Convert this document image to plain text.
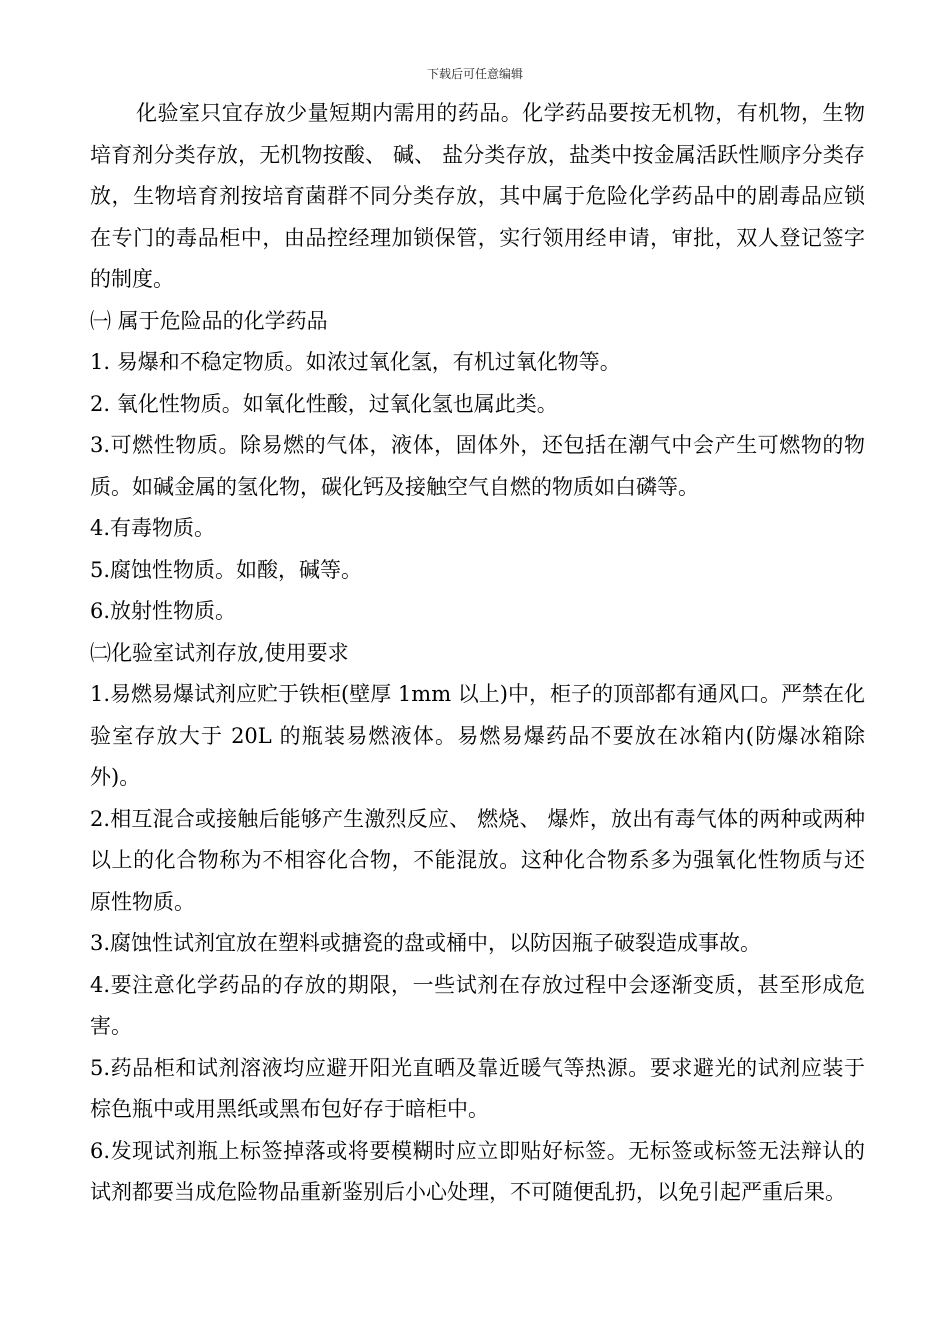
下载后可任意编辑

化验室只宜存放少量短期内需用的药品。化学药品要按无机物，有机物，生物培育剂分类存放，无机物按酸、 碱、 盐分类存放，盐类中按金属活跃性顺序分类存放，生物培育剂按培育菌群不同分类存放，其中属于危险化学药品中的剧毒品应锁在专门的毒品柜中，由品控经理加锁保管，实行领用经申请，审批，双人登记签字的制度。

㈠ 属于危险品的化学药品

1. 易爆和不稳定物质。如浓过氧化氢，有机过氧化物等。

2. 氧化性物质。如氧化性酸，过氧化氢也属此类。

3.可燃性物质。除易燃的气体，液体，固体外，还包括在潮气中会产生可燃物的物质。如碱金属的氢化物，碳化钙及接触空气自燃的物质如白磷等。

4.有毒物质。

5.腐蚀性物质。如酸，碱等。

6.放射性物质。

㈡化验室试剂存放,使用要求

1.易燃易爆试剂应贮于铁柜(壁厚 1mm 以上)中，柜子的顶部都有通风口。严禁在化验室存放大于 20L 的瓶装易燃液体。易燃易爆药品不要放在冰箱内(防爆冰箱除外)。

2.相互混合或接触后能够产生激烈反应、 燃烧、 爆炸，放出有毒气体的两种或两种以上的化合物称为不相容化合物，不能混放。这种化合物系多为强氧化性物质与还原性物质。

3.腐蚀性试剂宜放在塑料或搪瓷的盘或桶中，以防因瓶子破裂造成事故。

4.要注意化学药品的存放的期限，一些试剂在存放过程中会逐渐变质，甚至形成危害。

5.药品柜和试剂溶液均应避开阳光直晒及靠近暖气等热源。要求避光的试剂应装于棕色瓶中或用黑纸或黑布包好存于暗柜中。

6.发现试剂瓶上标签掉落或将要模糊时应立即贴好标签。无标签或标签无法辩认的试剂都要当成危险物品重新鉴别后小心处理，不可随便乱扔，以免引起严重后果。
